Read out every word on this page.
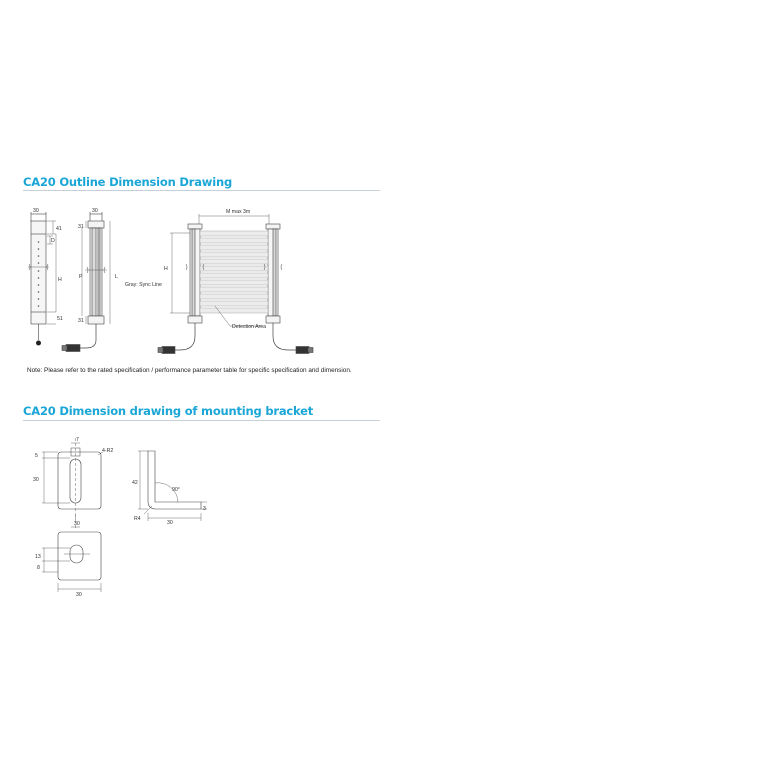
CA20 Outline Dimension Drawing
CA20 Dimension drawing of mounting bracket
Note: Please refer to the rated specification / performance parameter table for specific specification and dimension.
30
41
D
H
51
30
31
P
31
L
Gray: Sync Line
M max 3m
H
Detection Area
7
4-R2
5
30
30
13
8
30
42
90°
3
R4
30
